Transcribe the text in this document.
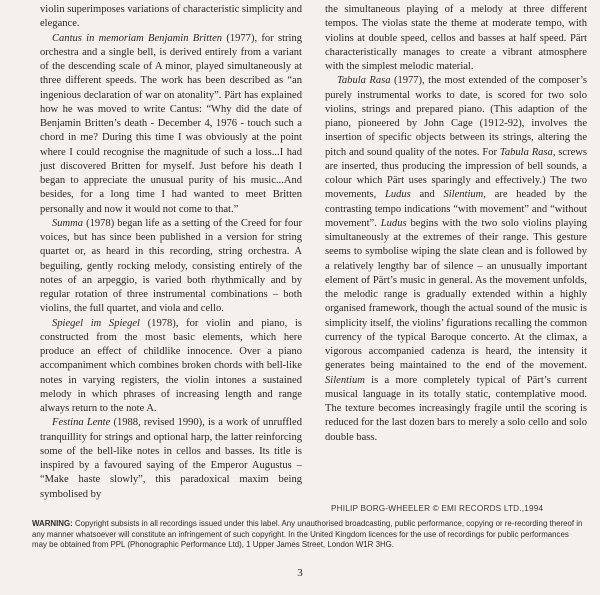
violin superimposes variations of characteristic simplicity and elegance.

Cantus in memoriam Benjamin Britten (1977), for string orchestra and a single bell, is derived entirely from a variant of the descending scale of A minor, played simultaneously at three different speeds. The work has been described as “an ingenious declaration of war on atonality”. Pärt has explained how he was moved to write Cantus: “Why did the date of Benjamin Britten’s death - December 4, 1976 - touch such a chord in me? During this time I was obviously at the point where I could recognise the magnitude of such a loss...I had just discovered Britten for myself. Just before his death I began to appreciate the unusual purity of his music...And besides, for a long time I had wanted to meet Britten personally and now it would not come to that.”

Summa (1978) began life as a setting of the Creed for four voices, but has since been published in a version for string quartet or, as heard in this recording, string orchestra. A beguiling, gently rocking melody, consisting entirely of the notes of an arpeggio, is varied both rhythmically and by regular rotation of three instrumental combinations – both violins, the full quartet, and viola and cello.

Spiegel im Spiegel (1978), for violin and piano, is constructed from the most basic elements, which here produce an effect of childlike innocence. Over a piano accompaniment which combines broken chords with bell-like notes in varying registers, the violin intones a sustained melody in which phrases of increasing length and range always return to the note A.

Festina Lente (1988, revised 1990), is a work of unruffled tranquillity for strings and optional harp, the latter reinforcing some of the bell-like notes in cellos and basses. Its title is inspired by a favoured saying of the Emperor Augustus – “Make haste slowly”, this paradoxical maxim being symbolised by

the simultaneous playing of a melody at three different tempos. The violas state the theme at moderate tempo, with violins at double speed, cellos and basses at half speed. Pärt characteristically manages to create a vibrant atmosphere with the simplest melodic material.

Tabula Rasa (1977), the most extended of the composer’s purely instrumental works to date, is scored for two solo violins, strings and prepared piano. (This adaption of the piano, pioneered by John Cage (1912-92), involves the insertion of specific objects between its strings, altering the pitch and sound quality of the notes. For Tabula Rasa, screws are inserted, thus producing the impression of bell sounds, a colour which Pärt uses sparingly and effectively.) The two movements, Ludus and Silentium, are headed by the contrasting tempo indications “with movement” and “without movement”. Ludus begins with the two solo violins playing simultaneously at the extremes of their range. This gesture seems to symbolise wiping the slate clean and is followed by a relatively lengthy bar of silence – an unusually important element of Pärt’s music in general. As the movement unfolds, the melodic range is gradually extended within a highly organised framework, though the actual sound of the music is simplicity itself, the violins’ figurations recalling the common currency of the typical Baroque concerto. At the climax, a vigorous accompanied cadenza is heard, the intensity it generates being maintained to the end of the movement. Silentium is a more completely typical of Pärt’s current musical language in its totally static, contemplative mood. The texture becomes increasingly fragile until the scoring is reduced for the last dozen bars to merely a solo cello and solo double bass.

PHILIP BORG-WHEELER © EMI RECORDS LTD.,1994
WARNING: Copyright subsists in all recordings issued under this label. Any unauthorised broadcasting, public performance, copying or re-recording thereof in any manner whatsoever will constitute an infringement of such copyright. In the United Kingdom licences for the use of recordings for public performances may be obtained from PPL (Phonographic Performance Ltd), 1 Upper James Street, London W1R 3HG.
3
